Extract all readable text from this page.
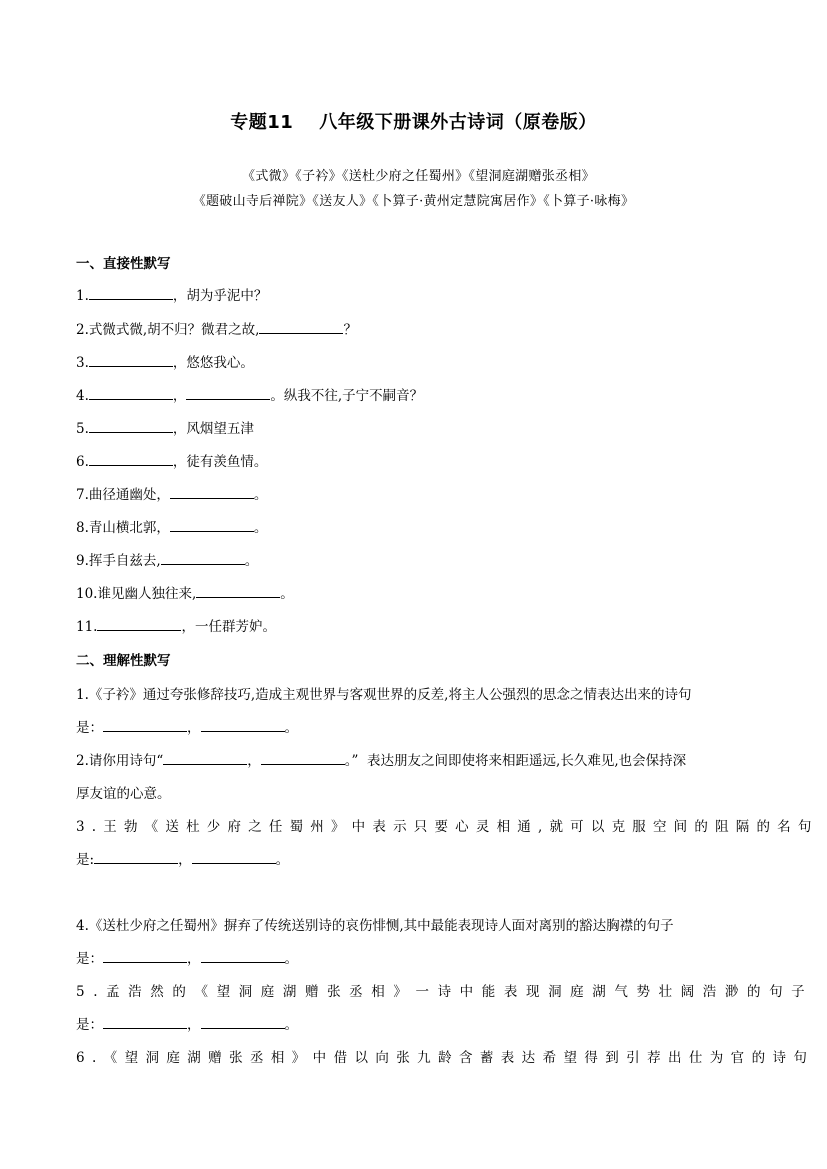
专题11 八年级下册课外古诗词（原卷版）
《式微》《子衿》《送杜少府之任蜀州》《望洞庭湖赠张丞相》
《题破山寺后禅院》《送友人》《卜算子·黄州定慧院寓居作》《卜算子·咏梅》
一、直接性默写
1.	，胡为乎泥中？
2.式微式微,胡不归？微君之故,	？
3.	，悠悠我心。
4.	，	。纵我不往,子宁不嗣音？
5.	，风烟望五津
6.	，徒有羡鱼情。
7.曲径通幽处，	。
8.青山横北郭，	。
9.挥手自兹去,	。
10.谁见幽人独往来,	。
11.	，一任群芳妒。
二、理解性默写
1.《子衿》通过夸张修辞技巧,造成主观世界与客观世界的反差,将主人公强烈的思念之情表达出来的诗句
是：	，	。
2.请你用诗句“	，	。” 表达朋友之间即使将来相距遥远,长久难见,也会保持深
厚友谊的心意。
3.王勃《送杜少府之任蜀州》中表示只要心灵相通,就可以克服空间的阻隔的名句
是:	，	。
4.《送杜少府之任蜀州》摒弃了传统送别诗的哀伤悱恻,其中最能表现诗人面对离别的豁达胸襟的句子
是：	，	。
5.孟浩然的《望洞庭湖赠张丞相》一诗中能表现洞庭湖气势壮阔浩渺的句子
是：	，	。
6.《望洞庭湖赠张丞相》中借以向张九龄含蓄表达希望得到引荐出仕为官的诗句
